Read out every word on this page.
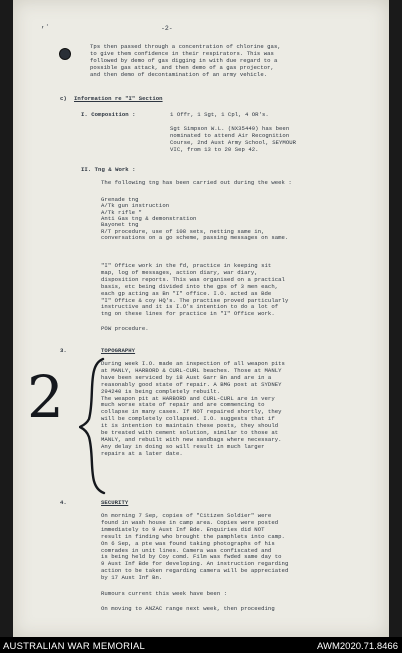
,·	-2-
Tps then passed through a concentration of chlorine gas,
to give them confidence in their respirators. This was
followed by demo of gas digging in with due regard to a
possible gas attack, and then demo of a gas projector,
and then demo of decontamination of an army vehicle.
c) Information re "I" Section
I. Composition :	1 Offr, 1 Sgt, 1 Cpl, 4 OR's.
Sgt Simpson W.L. (NX35449) has been
nominated to attend Air Recognition
Course, 2nd Aust Army School, SEYMOUR
VIC, from 13 to 20 Sep 42.
II. Tng & Work :
The following tng has been carried out during the week :
Grenade tng
A/Tk gun instruction
A/Tk rifle "
Anti Gas tng & demonstration
Bayonet tng
R/T procedure, use of 108 sets, netting same in,
conversations on a go scheme, passing messages on same.
"I" Office work in the fd, practice in keeping sit
map, log of messages, action diary, war diary,
disposition reports. This was organised on a practical
basis, etc being divided into the gps of 3 men each,
each gp acting as Bn "I" office. I.O. acted as Bde
"I" Office & coy HQ's. The practise proved particularly
instructive and it is I.O's intention to do a lot of
tng on these lines for practice in "I" Office work.
POW procedure.
3.	TOPOGRAPHY
During week I.O. made an inspection of all weapon pits
at MANLY, HARBORD & CURL-CURL beaches. Those at MANLY
have been serviced by 18 Aust Garr Bn and are in a
reasonably good state of repair. A BMG post at SYDNEY
294240 is being completely rebuilt.
The weapon pit at HARBORD and CURL-CURL are in very
much worse state of repair and are commencing to
collapse in many cases. If NOT repaired shortly, they
will be completely collapsed. I.O. suggests that if
it is intention to maintain these posts, they should
be treated with cement solution, similar to those at
MANLY, and rebuilt with new sandbags where necessary.
Any delay in doing so will result in much larger
repairs at a later date.
4.	SECURITY
On morning 7 Sep, copies of "Citizen Soldier" were
found in wash house in camp area. Copies were posted
immediately to 9 Aust Inf Bde. Enquiries did NOT
result in finding who brought the pamphlets into camp.
On 6 Sep, a pte was found taking photographs of his
comrades in unit lines. Camera was confiscated and
is being held by Coy comd. Film was fwded same day to
9 Aust Inf Bde for developing. An instruction regarding
action to be taken regarding camera will be appreciated
by 17 Aust Inf Bn.
Rumours current this week have been :
On moving to ANZAC range next week, then proceeding
2
AUSTRALIAN WAR MEMORIAL	AWM2020.71.8466
